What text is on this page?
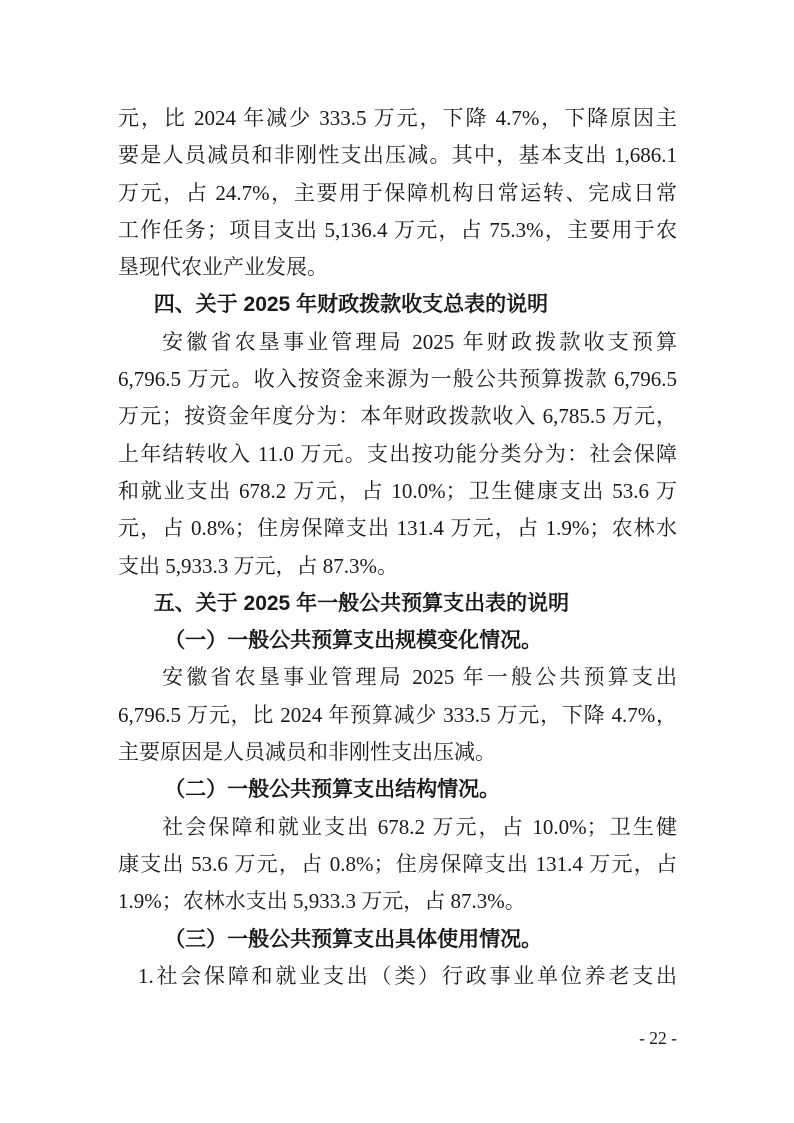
元，比 2024 年减少 333.5 万元，下降 4.7%，下降原因主
要是人员减员和非刚性支出压减。其中，基本支出 1,686.1
万元，占 24.7%，主要用于保障机构日常运转、完成日常
工作任务；项目支出 5,136.4 万元，占 75.3%，主要用于农
垦现代农业产业发展。
四、关于 2025 年财政拨款收支总表的说明
安徽省农垦事业管理局 2025 年财政拨款收支预算
6,796.5 万元。收入按资金来源为一般公共预算拨款 6,796.5
万元；按资金年度分为：本年财政拨款收入 6,785.5 万元，
上年结转收入 11.0 万元。支出按功能分类分为：社会保障
和就业支出 678.2 万元，占 10.0%；卫生健康支出 53.6 万
元，占 0.8%；住房保障支出 131.4 万元，占 1.9%；农林水
支出 5,933.3 万元，占 87.3%。
五、关于 2025 年一般公共预算支出表的说明
（一）一般公共预算支出规模变化情况。
安徽省农垦事业管理局 2025 年一般公共预算支出
6,796.5 万元，比 2024 年预算减少 333.5 万元，下降 4.7%，
主要原因是人员减员和非刚性支出压减。
（二）一般公共预算支出结构情况。
社会保障和就业支出 678.2 万元，占 10.0%；卫生健
康支出 53.6 万元，占 0.8%；住房保障支出 131.4 万元，占
1.9%；农林水支出 5,933.3 万元，占 87.3%。
（三）一般公共预算支出具体使用情况。
1.社会保障和就业支出（类）行政事业单位养老支出
- 22 -
